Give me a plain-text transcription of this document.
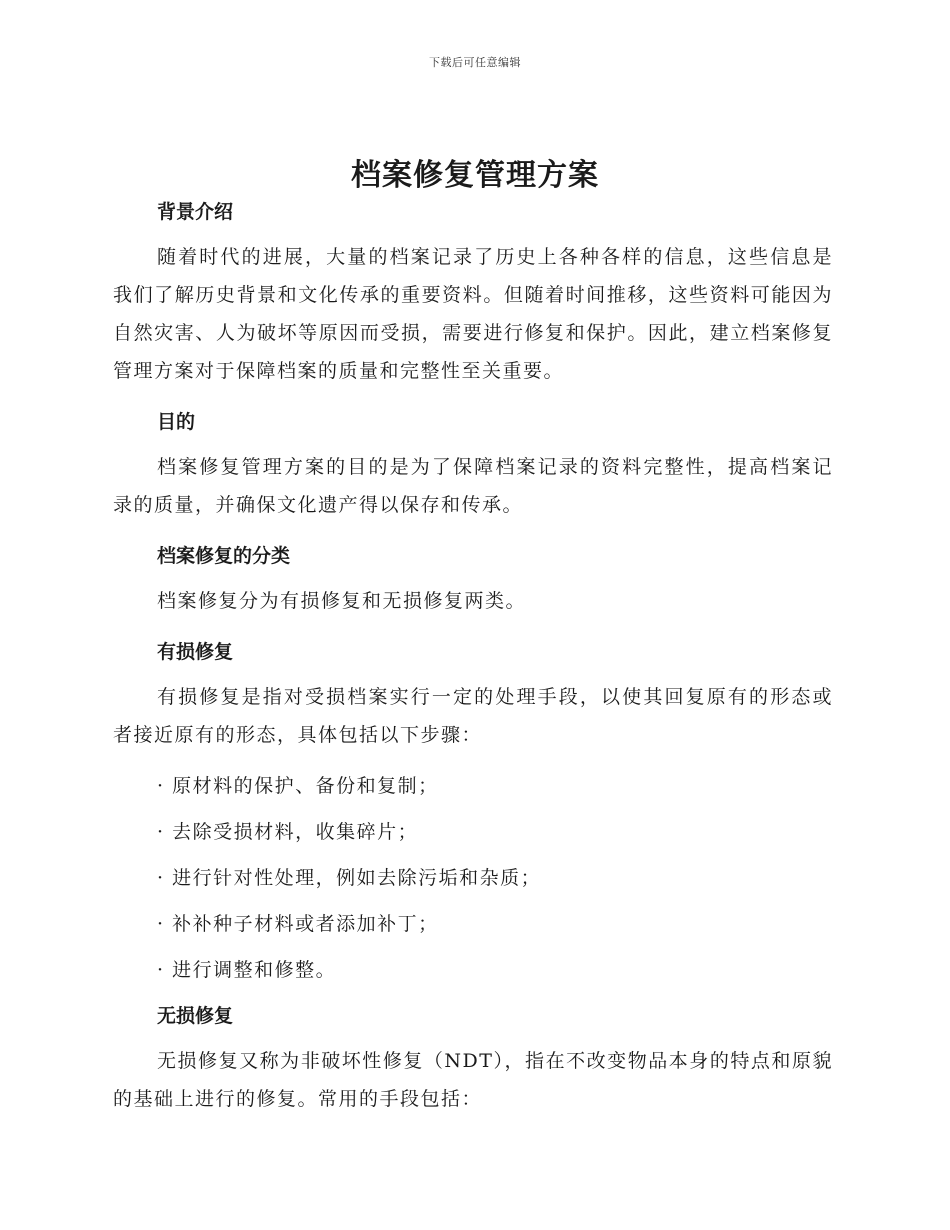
下载后可任意编辑
档案修复管理方案

背景介绍

随着时代的进展，大量的档案记录了历史上各种各样的信息，这些信息是我们了解历史背景和文化传承的重要资料。但随着时间推移，这些资料可能因为自然灾害、人为破坏等原因而受损，需要进行修复和保护。因此，建立档案修复管理方案对于保障档案的质量和完整性至关重要。

目的

档案修复管理方案的目的是为了保障档案记录的资料完整性，提高档案记录的质量，并确保文化遗产得以保存和传承。

档案修复的分类

档案修复分为有损修复和无损修复两类。

有损修复

有损修复是指对受损档案实行一定的处理手段，以使其回复原有的形态或者接近原有的形态，具体包括以下步骤：

· 原材料的保护、备份和复制；

· 去除受损材料，收集碎片；

· 进行针对性处理，例如去除污垢和杂质；

· 补补种子材料或者添加补丁；

· 进行调整和修整。

无损修复

无损修复又称为非破坏性修复（NDT），指在不改变物品本身的特点和原貌的基础上进行的修复。常用的手段包括：
